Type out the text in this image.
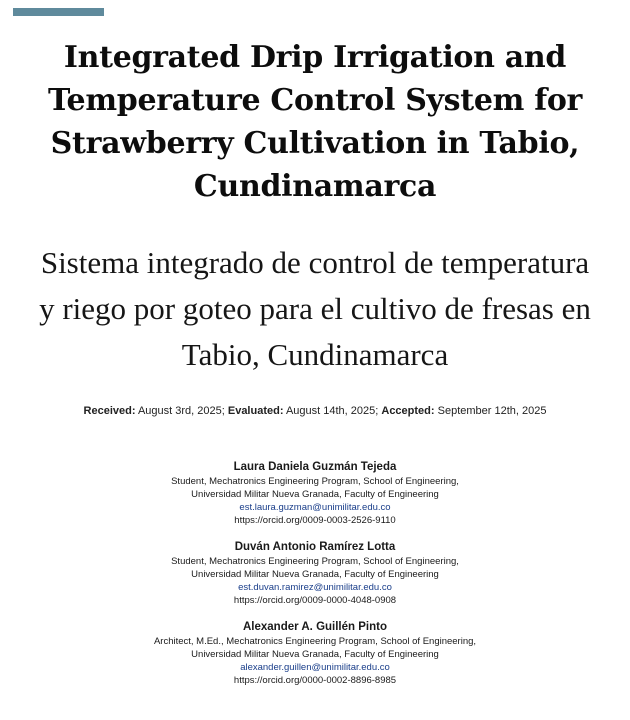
Integrated Drip Irrigation and
Temperature Control System for
Strawberry Cultivation in Tabio,
Cundinamarca
Sistema integrado de control de temperatura
y riego por goteo para el cultivo de fresas en
Tabio, Cundinamarca
Received: August 3rd, 2025; Evaluated: August 14th, 2025; Accepted: September 12th, 2025
Laura Daniela Guzmán Tejeda
Student, Mechatronics Engineering Program, School of Engineering,
Universidad Militar Nueva Granada, Faculty of Engineering
est.laura.guzman@unimilitar.edu.co
https://orcid.org/0009-0003-2526-9110
Duván Antonio Ramírez Lotta
Student, Mechatronics Engineering Program, School of Engineering,
Universidad Militar Nueva Granada, Faculty of Engineering
est.duvan.ramirez@unimilitar.edu.co
https://orcid.org/0009-0000-4048-0908
Alexander A. Guillén Pinto
Architect, M.Ed., Mechatronics Engineering Program, School of Engineering,
Universidad Militar Nueva Granada, Faculty of Engineering
alexander.guillen@unimilitar.edu.co
https://orcid.org/0000-0002-8896-8985
